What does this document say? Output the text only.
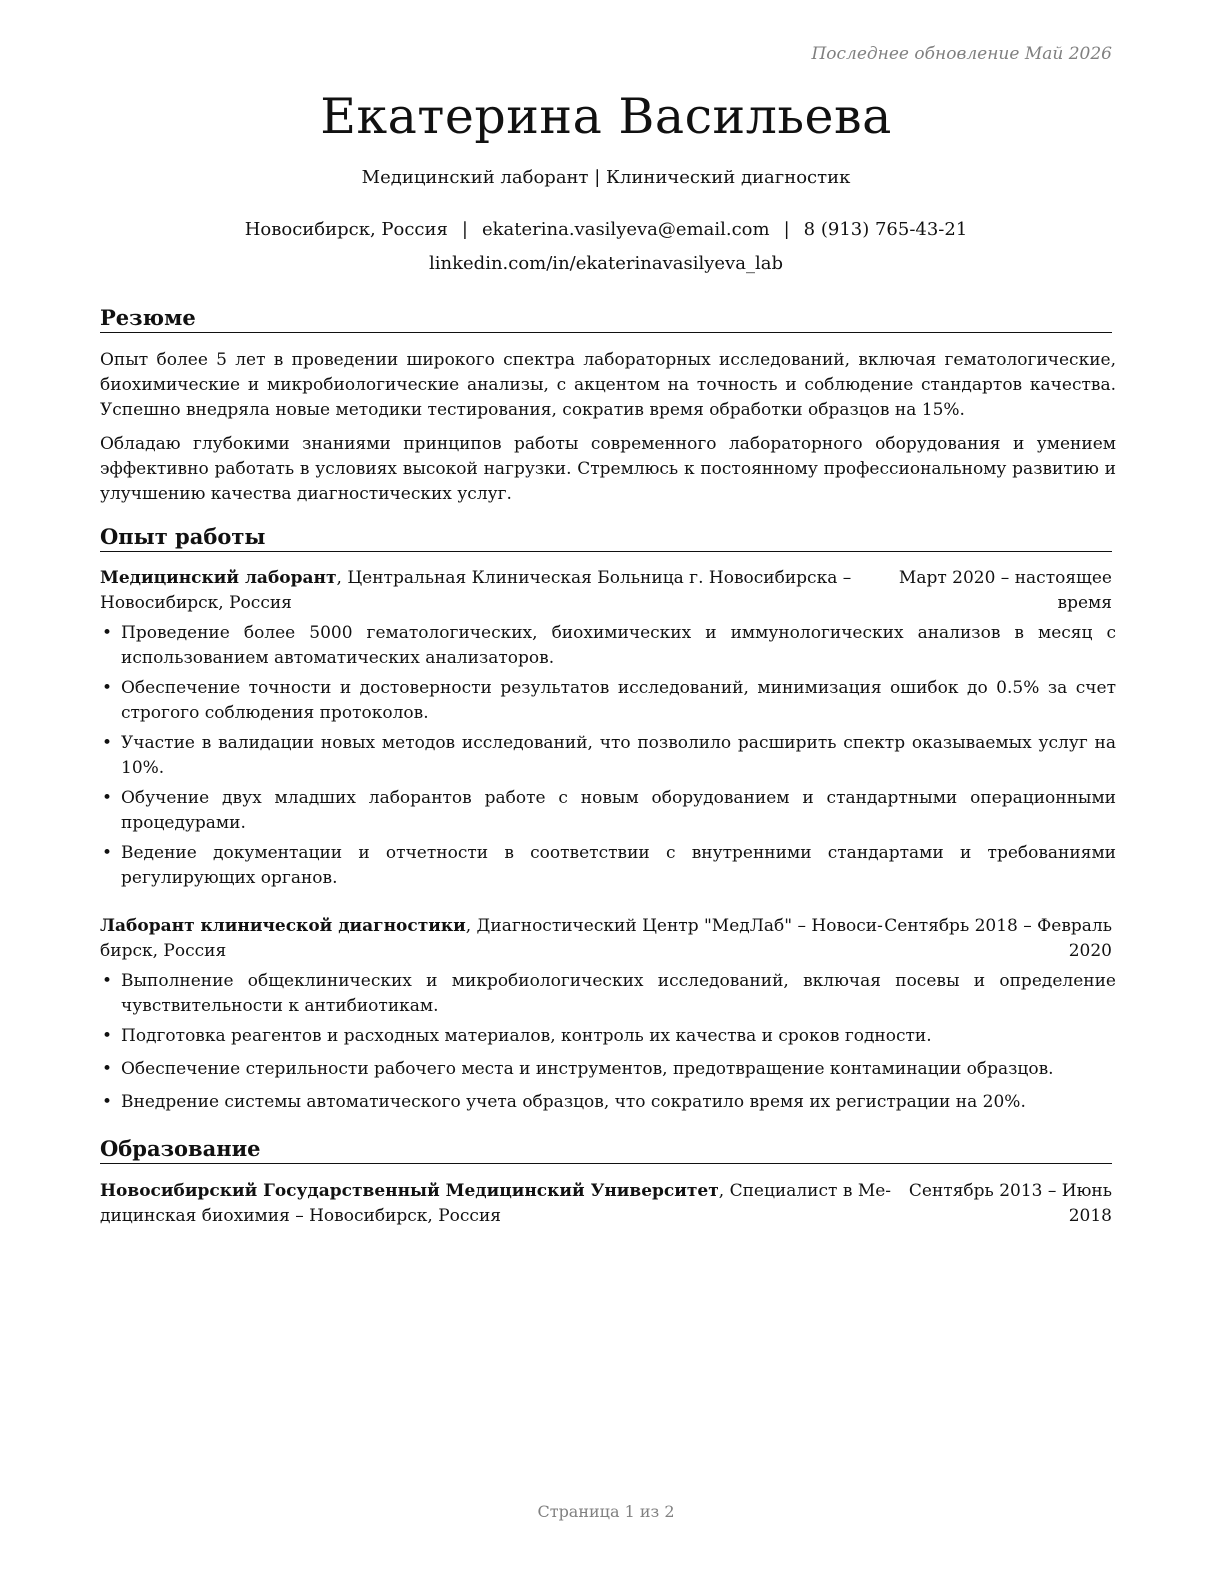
Последнее обновление Май 2026
Екатерина Васильева
Медицинский лаборант | Клинический диагностик
Новосибирск, Россия | ekaterina.vasilyeva@email.com | 8 (913) 765-43-21
linkedin.com/in/ekaterinavasilyeva_lab
Резюме

Опыт более 5 лет в проведении широкого спектра лабораторных исследований, включая гематологические, биохимические и микробиологические анализы, с акцентом на точность и соблюдение стандартов качества. Успешно внедряла новые методики тестирования, сократив время обработки образцов на 15%.

Обладаю глубокими знаниями принципов работы современного лабораторного оборудования и умением эффективно работать в условиях высокой нагрузки. Стремлюсь к постоянному профессиональному развитию и улучшению качества диагностических услуг.

Опыт работы
Медицинский лаборант, Центральная Клиническая Больница г. Новосибирска –
Новосибирск, Россия
Март 2020 – настоящее
время
• Проведение более 5000 гематологических, биохимических и иммунологических анализов в месяц с использованием автоматических анализаторов.
• Обеспечение точности и достоверности результатов исследований, минимизация ошибок до 0.5% за счет строгого соблюдения протоколов.
• Участие в валидации новых методов исследований, что позволило расширить спектр оказываемых услуг на 10%.
• Обучение двух младших лаборантов работе с новым оборудованием и стандартными операционными процедурами.
• Ведение документации и отчетности в соответствии с внутренними стандартами и требованиями регулирующих органов.
Лаборант клинической диагностики, Диагностический Центр "МедЛаб" – Новоси-
бирск, Россия
Сентябрь 2018 – Февраль
2020
• Выполнение общеклинических и микробиологических исследований, включая посевы и определение чувствительности к антибиотикам.
• Подготовка реагентов и расходных материалов, контроль их качества и сроков годности.
• Обеспечение стерильности рабочего места и инструментов, предотвращение контаминации образцов.
• Внедрение системы автоматического учета образцов, что сократило время их регистрации на 20%.
Образование
Новосибирский Государственный Медицинский Университет, Специалист в Ме-
дицинская биохимия – Новосибирск, Россия
Сентябрь 2013 – Июнь
2018
Страница 1 из 2
